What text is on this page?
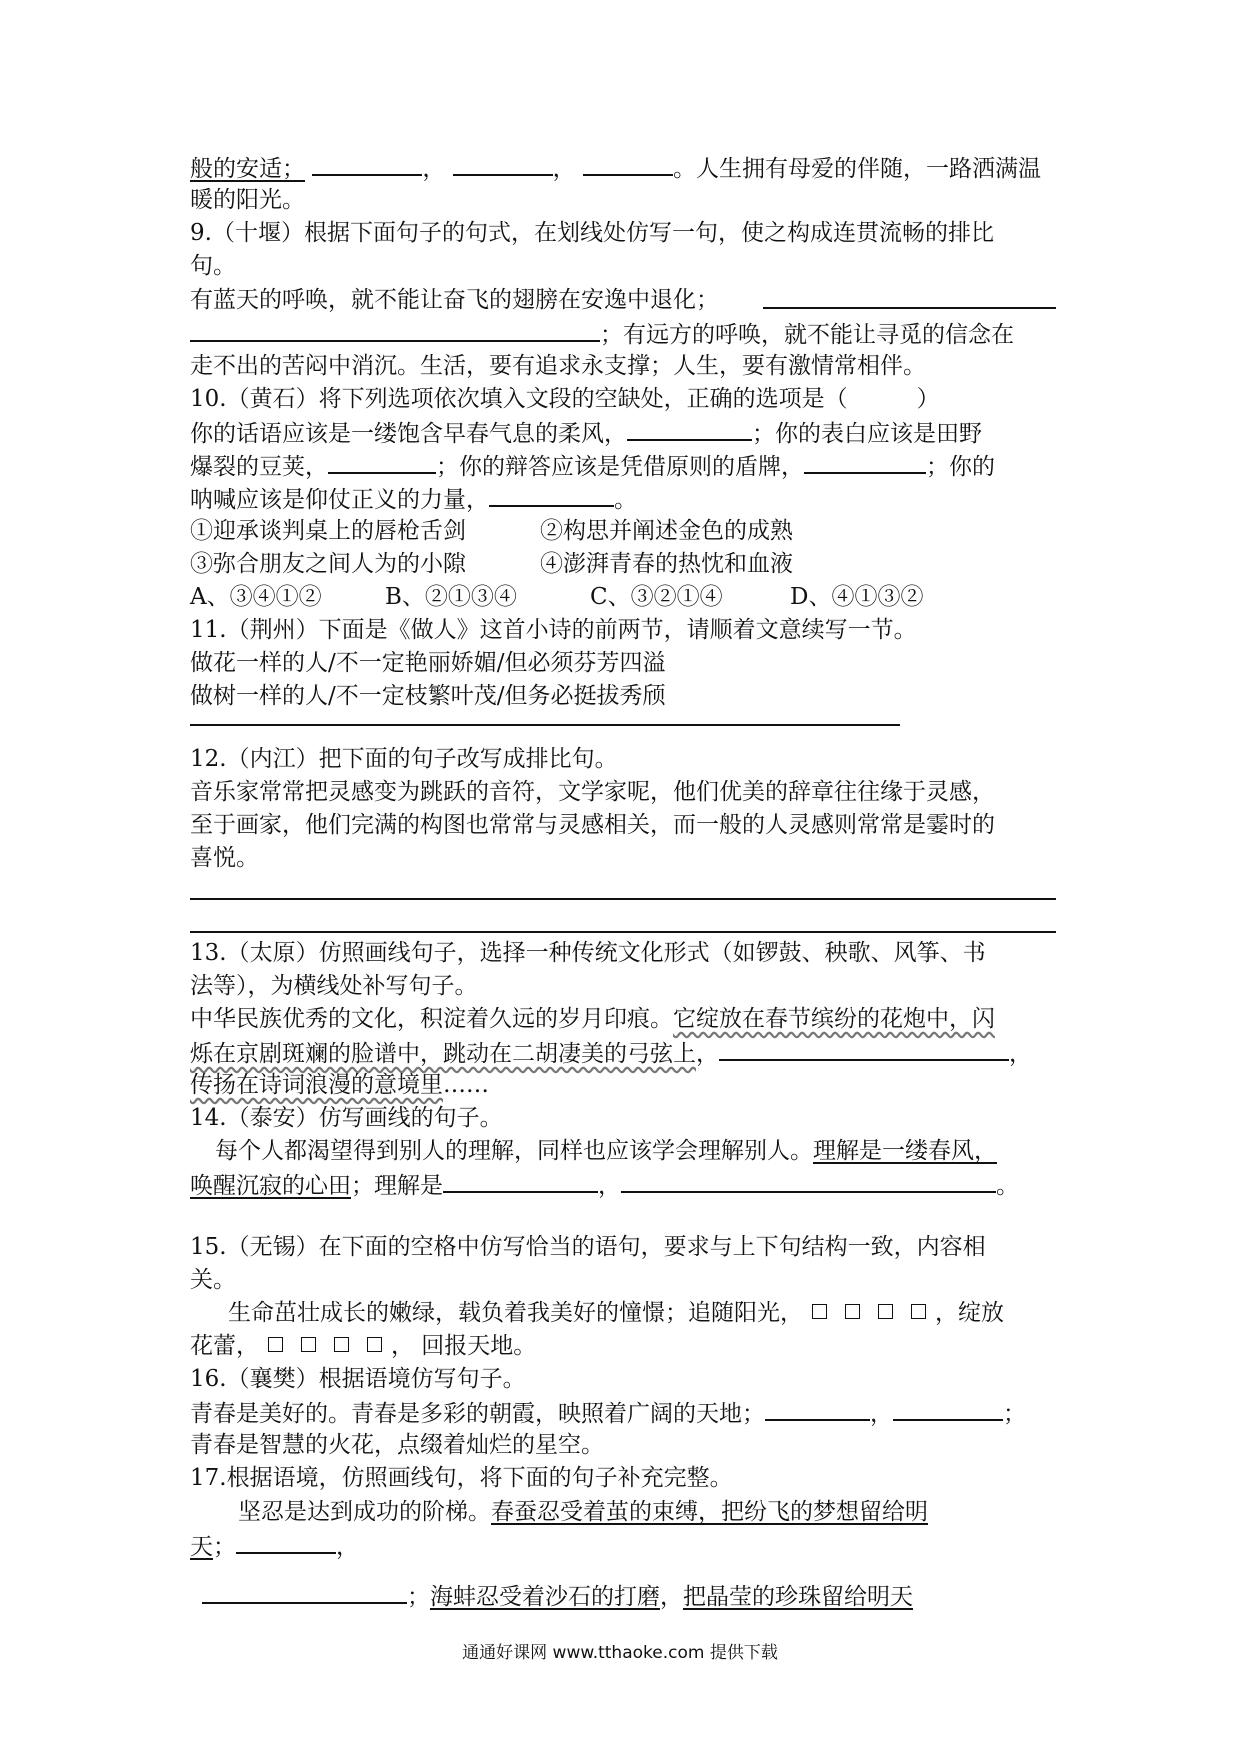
般的安适；	，	，	。人生拥有母爱的伴随，一路洒满温
暖的阳光。
9.（十堰）根据下面句子的句式，在划线处仿写一句，使之构成连贯流畅的排比
句。
有蓝天的呼唤，就不能让奋飞的翅膀在安逸中退化；
；有远方的呼唤，就不能让寻觅的信念在
走不出的苦闷中消沉。生活，要有追求永支撑；人生，要有激情常相伴。
10.（黄石）将下列选项依次填入文段的空缺处，正确的选项是（　　　）
你的话语应该是一缕饱含早春气息的柔风，	；你的表白应该是田野
爆裂的豆荚，	；你的辩答应该是凭借原则的盾牌，	；你的
呐喊应该是仰仗正义的力量，	。
①迎承谈判桌上的唇枪舌剑	②构思并阐述金色的成熟
③弥合朋友之间人为的小隙	④澎湃青春的热忱和血液
A、③④①②	B、②①③④	C、③②①④	D、④①③②
11.（荆州）下面是《做人》这首小诗的前两节，请顺着文意续写一节。
做花一样的人/不一定艳丽娇媚/但必须芬芳四溢
做树一样的人/不一定枝繁叶茂/但务必挺拔秀颀
12.（内江）把下面的句子改写成排比句。
音乐家常常把灵感变为跳跃的音符，文学家呢，他们优美的辞章往往缘于灵感，
至于画家，他们完满的构图也常常与灵感相关，而一般的人灵感则常常是霎时的
喜悦。
13.（太原）仿照画线句子，选择一种传统文化形式（如锣鼓、秧歌、风筝、书
法等），为横线处补写句子。
中华民族优秀的文化，积淀着久远的岁月印痕。它绽放在春节缤纷的花炮中，闪
烁在京剧斑斓的脸谱中，跳动在二胡凄美的弓弦上，	，
传扬在诗词浪漫的意境里……
14.（泰安）仿写画线的句子。
每个人都渴望得到别人的理解，同样也应该学会理解别人。理解是一缕春风，
唤醒沉寂的心田；理解是	，	。
15.（无锡）在下面的空格中仿写恰当的语句，要求与上下句结构一致，内容相
关。
生命茁壮成长的嫩绿，载负着我美好的憧憬；追随阳光，	，绽放
花蕾，	， 回报天地。
16.（襄樊）根据语境仿写句子。
青春是美好的。青春是多彩的朝霞，映照着广阔的天地；	，	；
青春是智慧的火花，点缀着灿烂的星空。
17.根据语境，仿照画线句，将下面的句子补充完整。
坚忍是达到成功的阶梯。春蚕忍受着茧的束缚，把纷飞的梦想留给明
天；	，
；海蚌忍受着沙石的打磨，把晶莹的珍珠留给明天
通通好课网 www.tthaoke.com 提供下载
